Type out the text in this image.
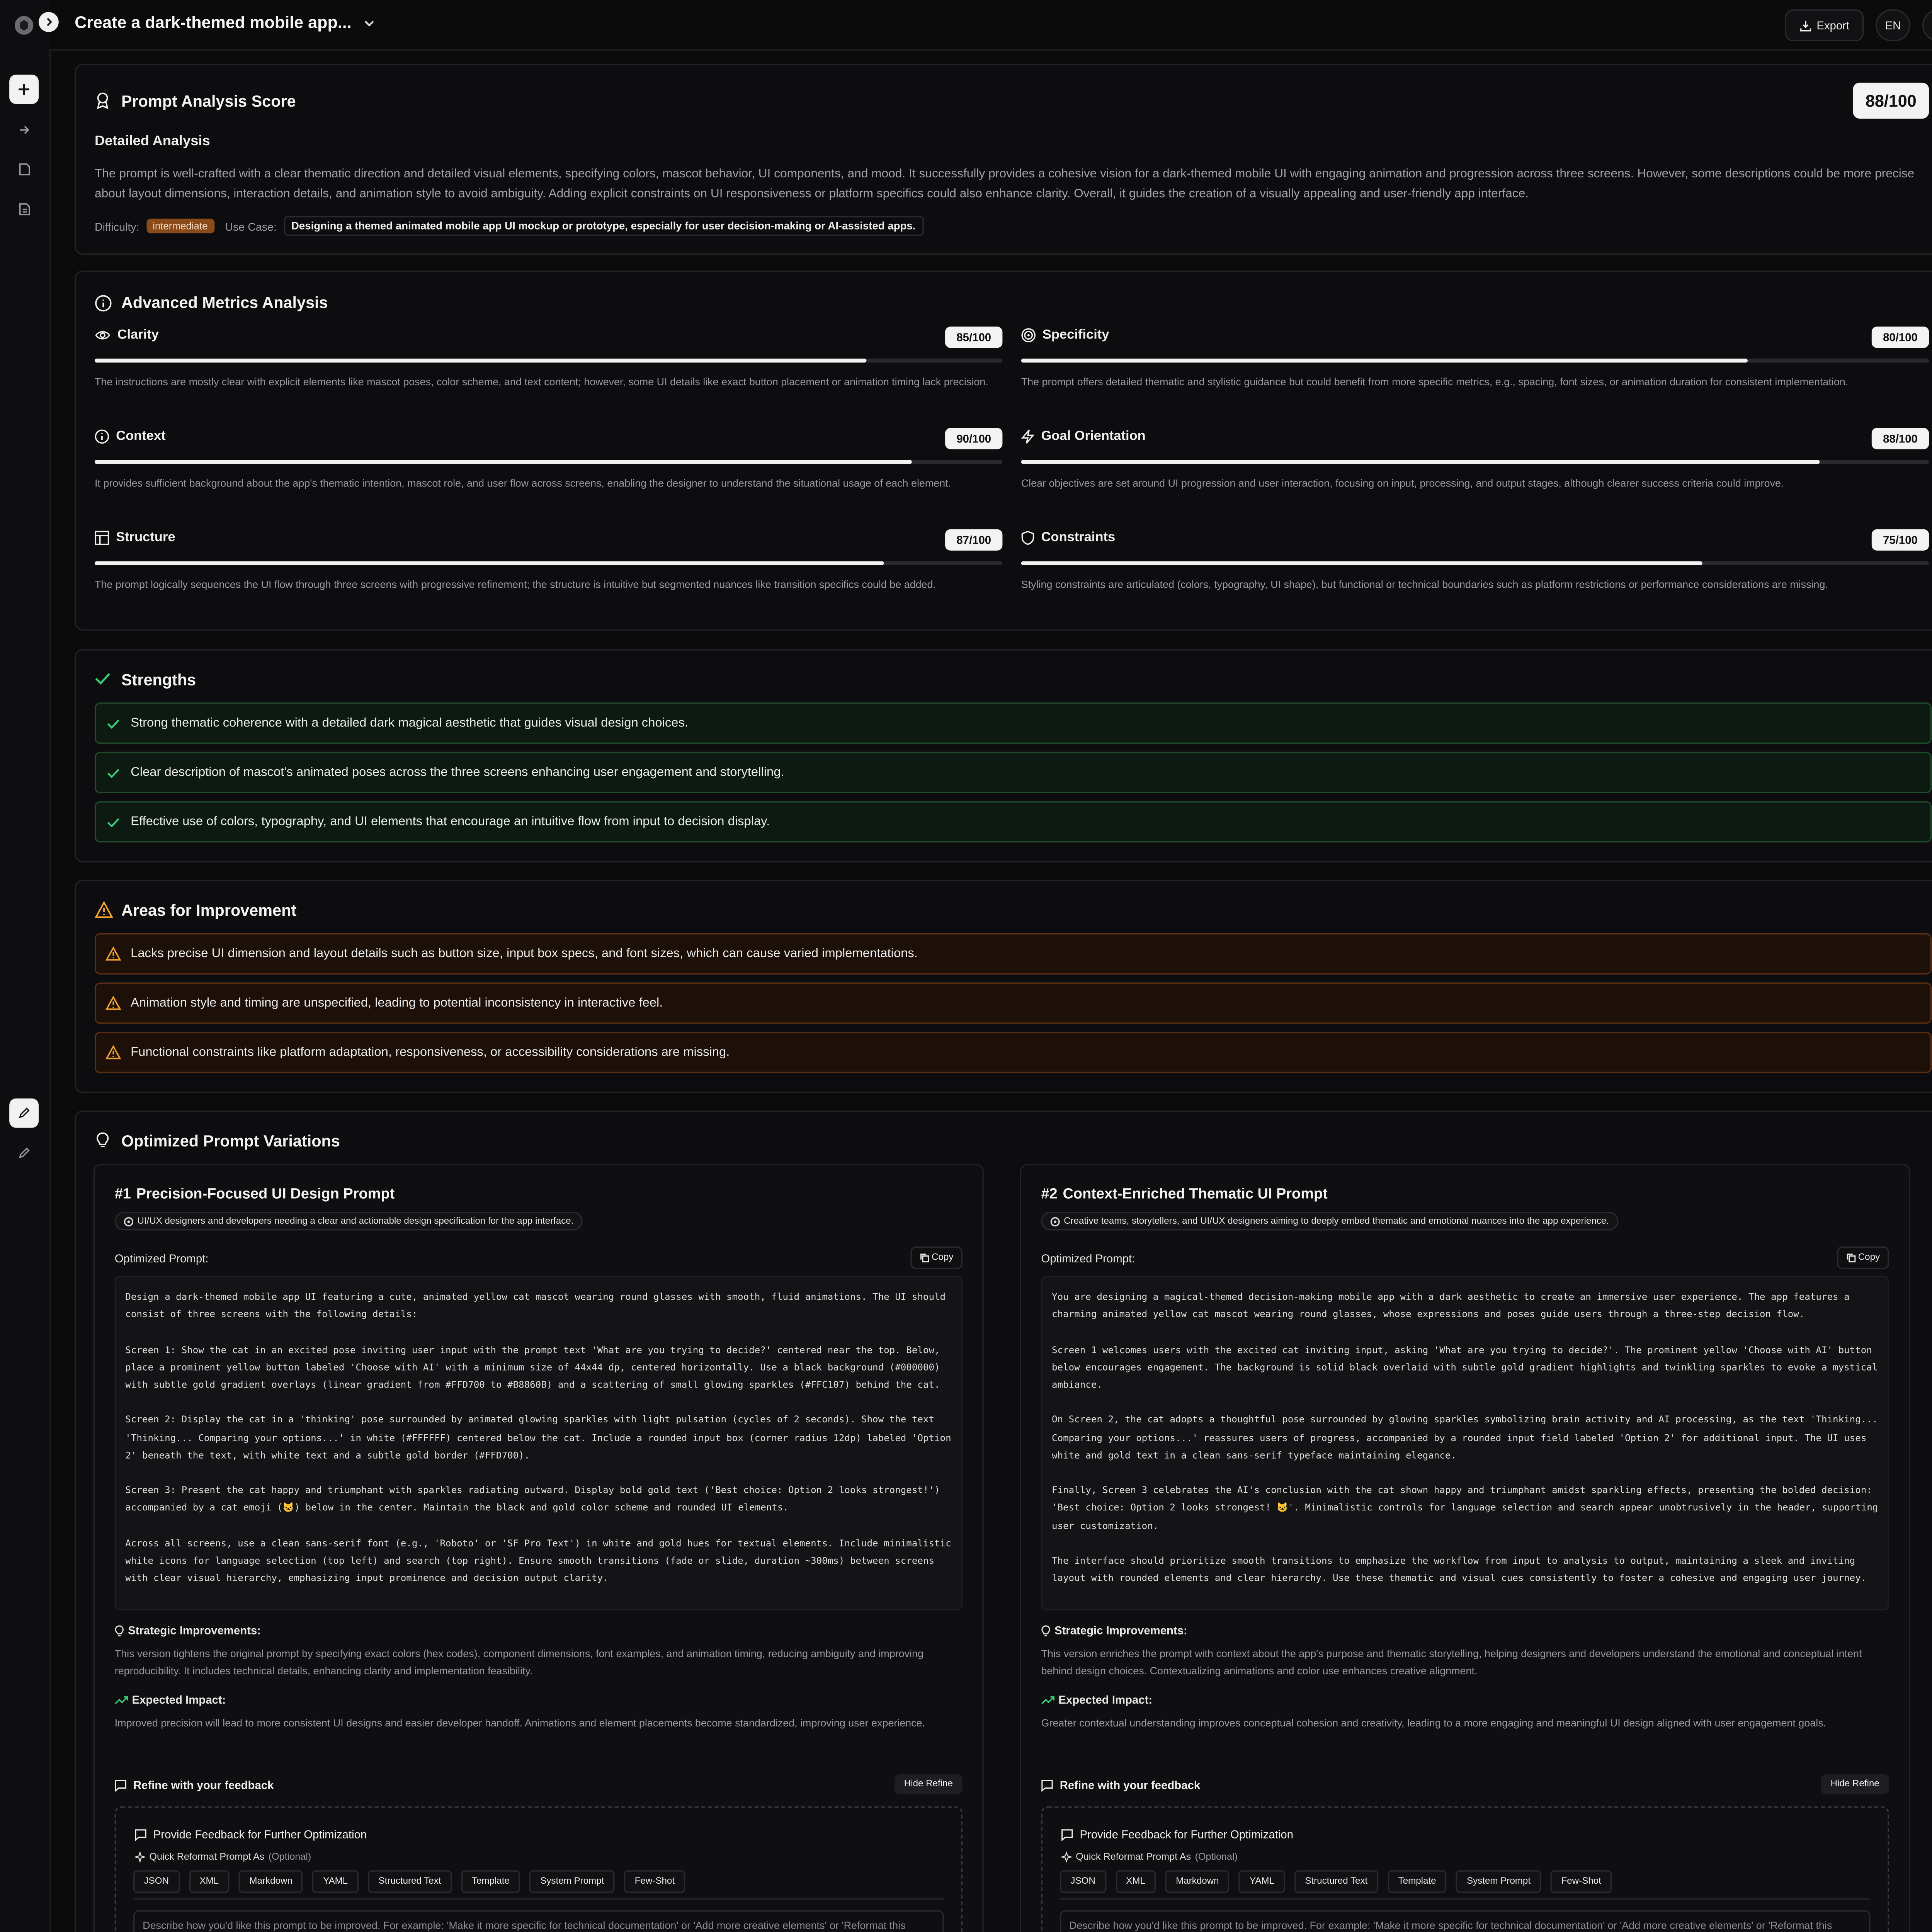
Create a dark-themed mobile app...	Export	EN
Prompt Analysis Score	88/100
Detailed Analysis
The prompt is well-crafted with a clear thematic direction and detailed visual elements, specifying colors, mascot behavior, UI components, and mood. It successfully provides a cohesive vision for a dark-themed mobile UI with engaging animation and progression across three screens. However, some descriptions could be more precise about layout dimensions, interaction details, and animation style to avoid ambiguity. Adding explicit constraints on UI responsiveness or platform specifics could also enhance clarity. Overall, it guides the creation of a visually appealing and user-friendly app interface.
Difficulty:	intermediate	Use Case:	Designing a themed animated mobile app UI mockup or prototype, especially for user decision-making or AI-assisted apps.
Advanced Metrics Analysis
Clarity	85/100
The instructions are mostly clear with explicit elements like mascot poses, color scheme, and text content; however, some UI details like exact button placement or animation timing lack precision.
Specificity	80/100
The prompt offers detailed thematic and stylistic guidance but could benefit from more specific metrics, e.g., spacing, font sizes, or animation duration for consistent implementation.
Context	90/100
It provides sufficient background about the app's thematic intention, mascot role, and user flow across screens, enabling the designer to understand the situational usage of each element.
Goal Orientation	88/100
Clear objectives are set around UI progression and user interaction, focusing on input, processing, and output stages, although clearer success criteria could improve.
Structure	87/100
The prompt logically sequences the UI flow through three screens with progressive refinement; the structure is intuitive but segmented nuances like transition specifics could be added.
Constraints	75/100
Styling constraints are articulated (colors, typography, UI shape), but functional or technical boundaries such as platform restrictions or performance considerations are missing.
Strengths
Strong thematic coherence with a detailed dark magical aesthetic that guides visual design choices.
Clear description of mascot's animated poses across the three screens enhancing user engagement and storytelling.
Effective use of colors, typography, and UI elements that encourage an intuitive flow from input to decision display.
Areas for Improvement
Lacks precise UI dimension and layout details such as button size, input box specs, and font sizes, which can cause varied implementations.
Animation style and timing are unspecified, leading to potential inconsistency in interactive feel.
Functional constraints like platform adaptation, responsiveness, or accessibility considerations are missing.
Optimized Prompt Variations
#1 Precision-Focused UI Design Prompt
UI/UX designers and developers needing a clear and actionable design specification for the app interface.
Optimized Prompt:	Copy
Design a dark-themed mobile app UI featuring a cute, animated yellow cat mascot wearing round glasses with smooth, fluid animations. The UI should consist of three screens with the following details:

Screen 1: Show the cat in an excited pose inviting user input with the prompt text 'What are you trying to decide?' centered near the top. Below, place a prominent yellow button labeled 'Choose with AI' with a minimum size of 44x44 dp, centered horizontally. Use a black background (#000000) with subtle gold gradient overlays (linear gradient from #FFD700 to #B8860B) and a scattering of small glowing sparkles (#FFC107) behind the cat.

Screen 2: Display the cat in a 'thinking' pose surrounded by animated glowing sparkles with light pulsation (cycles of 2 seconds). Show the text 'Thinking... Comparing your options...' in white (#FFFFFF) centered below the cat. Include a rounded input box (corner radius 12dp) labeled 'Option 2' beneath the text, with white text and a subtle gold border (#FFD700).

Screen 3: Present the cat happy and triumphant with sparkles radiating outward. Display bold gold text ('Best choice: Option 2 looks strongest!') accompanied by a cat emoji (🐱) below in the center. Maintain the black and gold color scheme and rounded UI elements.

Across all screens, use a clean sans-serif font (e.g., 'Roboto' or 'SF Pro Text') in white and gold hues for textual elements. Include minimalistic white icons for language selection (top left) and search (top right). Ensure smooth transitions (fade or slide, duration ~300ms) between screens with clear visual hierarchy, emphasizing input prominence and decision output clarity.
Strategic Improvements:
This version tightens the original prompt by specifying exact colors (hex codes), component dimensions, font examples, and animation timing, reducing ambiguity and improving reproducibility. It includes technical details, enhancing clarity and implementation feasibility.
Expected Impact:
Improved precision will lead to more consistent UI designs and easier developer handoff. Animations and element placements become standardized, improving user experience.
Refine with your feedback	Hide Refine
Provide Feedback for Further Optimization
Quick Reformat Prompt As (Optional)
JSON	XML	Markdown	YAML	Structured Text	Template	System Prompt	Few-Shot
Describe how you'd like this prompt to be improved. For example: 'Make it more specific for technical documentation' or 'Add more creative elements' or 'Reformat this
#2 Context-Enriched Thematic UI Prompt
Creative teams, storytellers, and UI/UX designers aiming to deeply embed thematic and emotional nuances into the app experience.
Optimized Prompt:	Copy
You are designing a magical-themed decision-making mobile app with a dark aesthetic to create an immersive user experience. The app features a charming animated yellow cat mascot wearing round glasses, whose expressions and poses guide users through a three-step decision flow.

Screen 1 welcomes users with the excited cat inviting input, asking 'What are you trying to decide?'. The prominent yellow 'Choose with AI' button below encourages engagement. The background is solid black overlaid with subtle gold gradient highlights and twinkling sparkles to evoke a mystical ambiance.

On Screen 2, the cat adopts a thoughtful pose surrounded by glowing sparkles symbolizing brain activity and AI processing, as the text 'Thinking... Comparing your options...' reassures users of progress, accompanied by a rounded input field labeled 'Option 2' for additional input. The UI uses white and gold text in a clean sans-serif typeface maintaining elegance.

Finally, Screen 3 celebrates the AI's conclusion with the cat shown happy and triumphant amidst sparkling effects, presenting the bolded decision: 'Best choice: Option 2 looks strongest! 🐱'. Minimalistic controls for language selection and search appear unobtrusively in the header, supporting user customization.

The interface should prioritize smooth transitions to emphasize the workflow from input to analysis to output, maintaining a sleek and inviting layout with rounded elements and clear hierarchy. Use these thematic and visual cues consistently to foster a cohesive and engaging user journey.
Strategic Improvements:
This version enriches the prompt with context about the app's purpose and thematic storytelling, helping designers and developers understand the emotional and conceptual intent behind design choices. Contextualizing animations and color use enhances creative alignment.
Expected Impact:
Greater contextual understanding improves conceptual cohesion and creativity, leading to a more engaging and meaningful UI design aligned with user engagement goals.
Refine with your feedback	Hide Refine
Provide Feedback for Further Optimization
Quick Reformat Prompt As (Optional)
JSON	XML	Markdown	YAML	Structured Text	Template	System Prompt	Few-Shot
Describe how you'd like this prompt to be improved. For example: 'Make it more specific for technical documentation' or 'Add more creative elements' or 'Reformat this
